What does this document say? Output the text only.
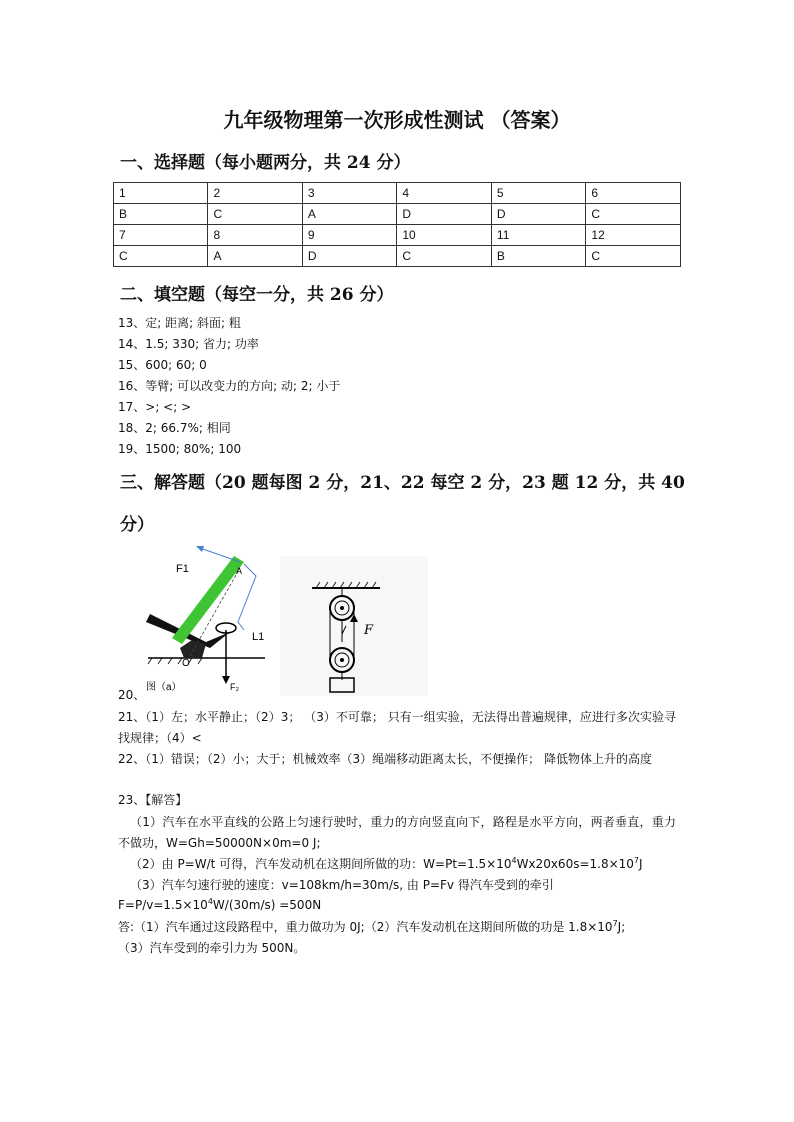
九年级物理第一次形成性测试 （答案）
一、选择题（每小题两分，共 24 分）
1	2	3	4	5	6
B	C	A	D	D	C
7	8	9	10	11	12
C	A	D	C	B	C
二、填空题（每空一分，共 26 分）
13、定; 距离; 斜面; 粗
14、1.5; 330; 省力; 功率
15、600; 60; 0
16、等臂; 可以改变力的方向; 动; 2; 小于
17、>; <; >
18、2; 66.7%; 相同
19、1500; 80%; 100
三、解答题（20 题每图 2 分，21、22 每空 2 分，23 题 12 分，共 40
分）
F1	A
L1
O
F₂
图（a）
F
20、
21、（1）左；水平静止；（2）3； （3）不可靠； 只有一组实验，无法得出普遍规律，应进行多次实验寻找规律；（4）<
22、（1）错误；（2）小；大于；机械效率（3）绳端移动距离太长，不便操作； 降低物体上升的高度
23、【解答】
（1）汽车在水平直线的公路上匀速行驶时，重力的方向竖直向下，路程是水平方向，两者垂直，重力不做功，W=Gh=50000N×0m=0 J;
（2）由 P=W/t 可得，汽车发动机在这期间所做的功：$W=Pt=1.5\times 10^4Wx20x60s=1.8\times 10^7J$
（3）汽车匀速行驶的速度：v=108km/h=30m/s, 由 P=Fv 得汽车受到的牵引
$F=P/v=1.5\times 10^4W/(30m/s) =500N$
答:（1）汽车通过这段路程中，重力做功为 0J;（2）汽车发动机在这期间所做的功是 $1.8\times 10^7J$;
（3）汽车受到的牵引力为 500N。
